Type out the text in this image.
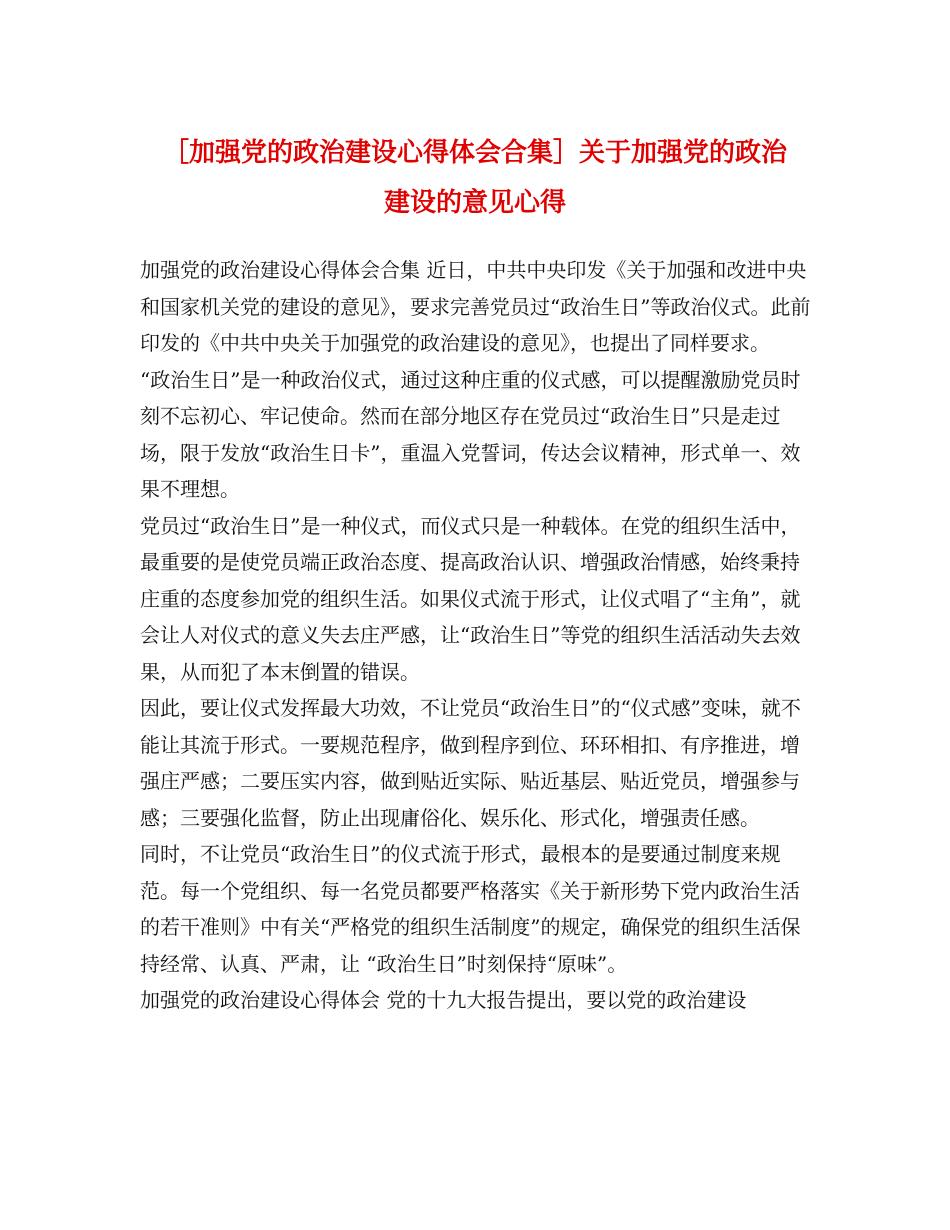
［加强党的政治建设心得体会合集］关于加强党的政治
建设的意见心得

加强党的政治建设心得体会合集 近日，中共中央印发《关于加强和改进中央和国家机关党的建设的意见》，要求完善党员过“政治生日”等政治仪式。此前印发的《中共中央关于加强党的政治建设的意见》，也提出了同样要求。

“政治生日”是一种政治仪式，通过这种庄重的仪式感，可以提醒激励党员时刻不忘初心、牢记使命。然而在部分地区存在党员过“政治生日”只是走过场，限于发放“政治生日卡”，重温入党誓词，传达会议精神，形式单一、效果不理想。

党员过“政治生日”是一种仪式，而仪式只是一种载体。在党的组织生活中，最重要的是使党员端正政治态度、提高政治认识、增强政治情感，始终秉持庄重的态度参加党的组织生活。如果仪式流于形式，让仪式唱了“主角”，就会让人对仪式的意义失去庄严感，让“政治生日”等党的组织生活活动失去效果，从而犯了本末倒置的错误。

因此，要让仪式发挥最大功效，不让党员“政治生日”的“仪式感”变味，就不能让其流于形式。一要规范程序，做到程序到位、环环相扣、有序推进，增强庄严感；二要压实内容，做到贴近实际、贴近基层、贴近党员，增强参与感；三要强化监督，防止出现庸俗化、娱乐化、形式化，增强责任感。

同时，不让党员“政治生日”的仪式流于形式，最根本的是要通过制度来规范。每一个党组织、每一名党员都要严格落实《关于新形势下党内政治生活的若干准则》中有关“严格党的组织生活制度”的规定，确保党的组织生活保持经常、认真、严肃，让 “政治生日”时刻保持“原味”。

加强党的政治建设心得体会 党的十九大报告提出，要以党的政治建设
